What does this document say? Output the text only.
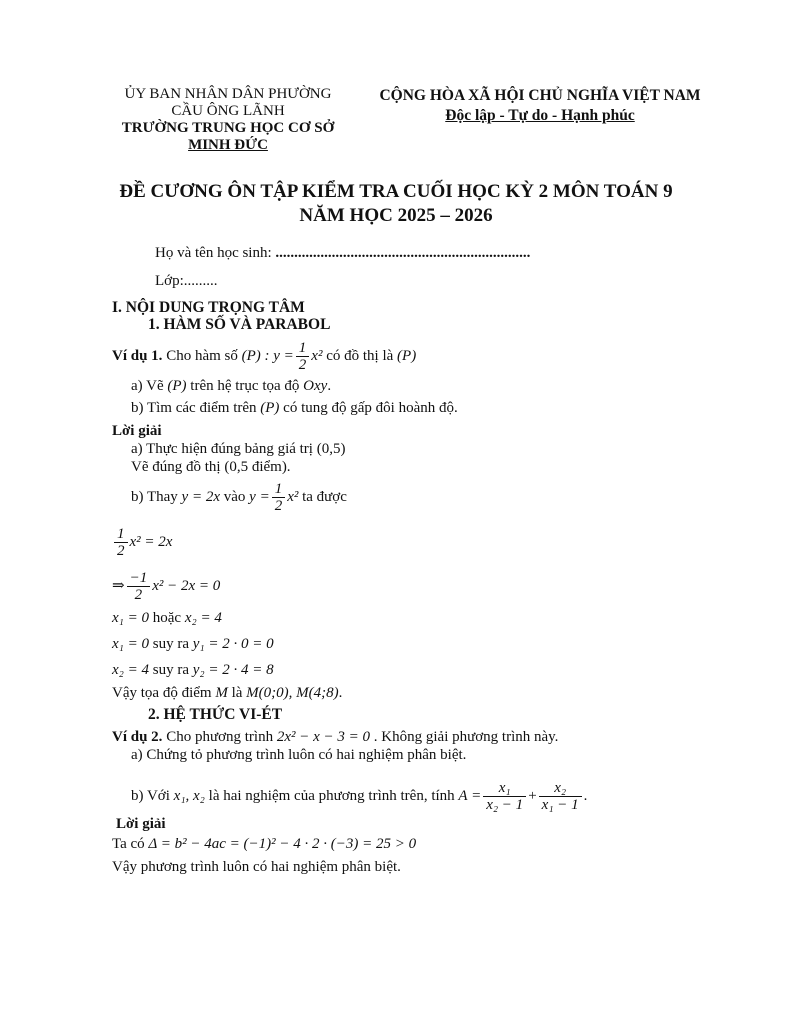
ỦY BAN NHÂN DÂN PHƯỜNG
CẦU ÔNG LÃNH
TRƯỜNG TRUNG HỌC CƠ SỞ
MINH ĐỨC
CỘNG HÒA XÃ HỘI CHỦ NGHĨA VIỆT NAM
Độc lập - Tự do - Hạnh phúc
ĐỀ CƯƠNG ÔN TẬP KIỂM TRA CUỐI HỌC KỲ 2 MÔN TOÁN 9
NĂM HỌC 2025 – 2026
Họ và tên học sinh: ....................................................................
Lớp:.........
I. NỘI DUNG TRỌNG TÂM
1. HÀM SỐ VÀ PARABOL
Ví dụ 1. Cho hàm số (P) : $y = \frac{1}{2} x^2$ có đồ thị là (P)
a) Vẽ (P) trên hệ trục tọa độ Oxy.
b) Tìm các điểm trên (P) có tung độ gấp đôi hoành độ.
Lời giải
a) Thực hiện đúng bảng giá trị (0,5)
Vẽ đúng đồ thị (0,5 điểm).
b) Thay y = 2x vào $y = \frac{1}{2} x^2$ ta được
$\frac{1}{2} x^2 = 2x$
⇒ $\frac{-1}{2} x^2 - 2x = 0$
x₁ = 0 hoặc x₂ = 4
x₁ = 0 suy ra y₁ = 2 · 0 = 0
x₂ = 4 suy ra y₂ = 2 · 4 = 8
Vậy tọa độ điểm M là M(0;0), M(4;8).
2. HỆ THỨC VI-ÉT
Ví dụ 2. Cho phương trình 2x² − x − 3 = 0 . Không giải phương trình này.
a) Chứng tỏ phương trình luôn có hai nghiệm phân biệt.
b) Với x₁, x₂ là hai nghiệm của phương trình trên, tính $A = \frac{\text{x₁}}{\text{x₂ − 1}} + \frac{\text{x₂}}{\text{x₁ − 1}}$ .
Lời giải
Ta có Δ = b² − 4ac = (−1)² − 4 · 2 · (−3) = 25 > 0
Vậy phương trình luôn có hai nghiệm phân biệt.
